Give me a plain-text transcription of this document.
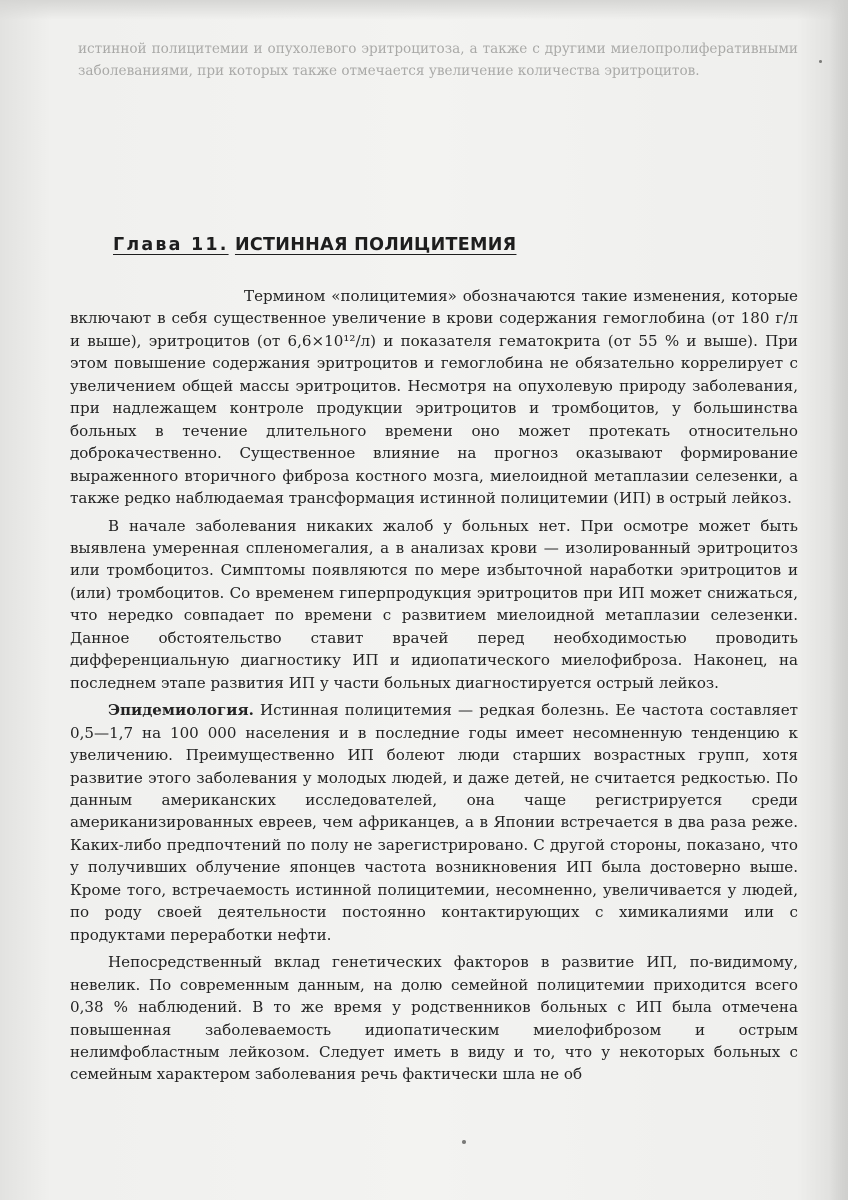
истинной полицитемии и опухолевого эритроцитоза, а также с другими миелопролиферативными заболеваниями, при которых также отмечается увеличение количества эритроцитов.
Глава 11. ИСТИННАЯ ПОЛИЦИТЕМИЯ

Термином «полицитемия» обозначаются такие изменения, которые включают в себя существенное увеличение в крови содержания гемоглобина (от 180 г/л и выше), эритроцитов (от 6,6×10¹²/л) и показателя гематокрита (от 55 % и выше). При этом повышение содержания эритроцитов и гемоглобина не обязательно коррелирует с увеличением общей массы эритроцитов. Несмотря на опухолевую природу заболевания, при надлежащем контроле продукции эритроцитов и тромбоцитов, у большинства больных в течение длительного времени оно может протекать относительно доброкачественно. Существенное влияние на прогноз оказывают формирование выраженного вторичного фиброза костного мозга, миелоидной метаплазии селезенки, а также редко наблюдаемая трансформация истинной полицитемии (ИП) в острый лейкоз.

В начале заболевания никаких жалоб у больных нет. При осмотре может быть выявлена умеренная спленомегалия, а в анализах крови — изолированный эритроцитоз или тромбоцитоз. Симптомы появляются по мере избыточной наработки эритроцитов и (или) тромбоцитов. Со временем гиперпродукция эритроцитов при ИП может снижаться, что нередко совпадает по времени с развитием миелоидной метаплазии селезенки. Данное обстоятельство ставит врачей перед необходимостью проводить дифференциальную диагностику ИП и идиопатического миелофиброза. Наконец, на последнем этапе развития ИП у части больных диагностируется острый лейкоз.

Эпидемиология. Истинная полицитемия — редкая болезнь. Ее частота составляет 0,5—1,7 на 100 000 населения и в последние годы имеет несомненную тенденцию к увеличению. Преимущественно ИП болеют люди старших возрастных групп, хотя развитие этого заболевания у молодых людей, и даже детей, не считается редкостью. По данным американских исследователей, она чаще регистрируется среди американизированных евреев, чем африканцев, а в Японии встречается в два раза реже. Каких-либо предпочтений по полу не зарегистрировано. С другой стороны, показано, что у получивших облучение японцев частота возникновения ИП была достоверно выше. Кроме того, встречаемость истинной полицитемии, несомненно, увеличивается у людей, по роду своей деятельности постоянно контактирующих с химикалиями или с продуктами переработки нефти.

Непосредственный вклад генетических факторов в развитие ИП, по-видимому, невелик. По современным данным, на долю семейной полицитемии приходится всего 0,38 % наблюдений. В то же время у родственников больных с ИП была отмечена повышенная заболеваемость идиопатическим миелофиброзом и острым нелимфобластным лейкозом. Следует иметь в виду и то, что у некоторых больных с семейным характером заболевания речь фактически шла не об
